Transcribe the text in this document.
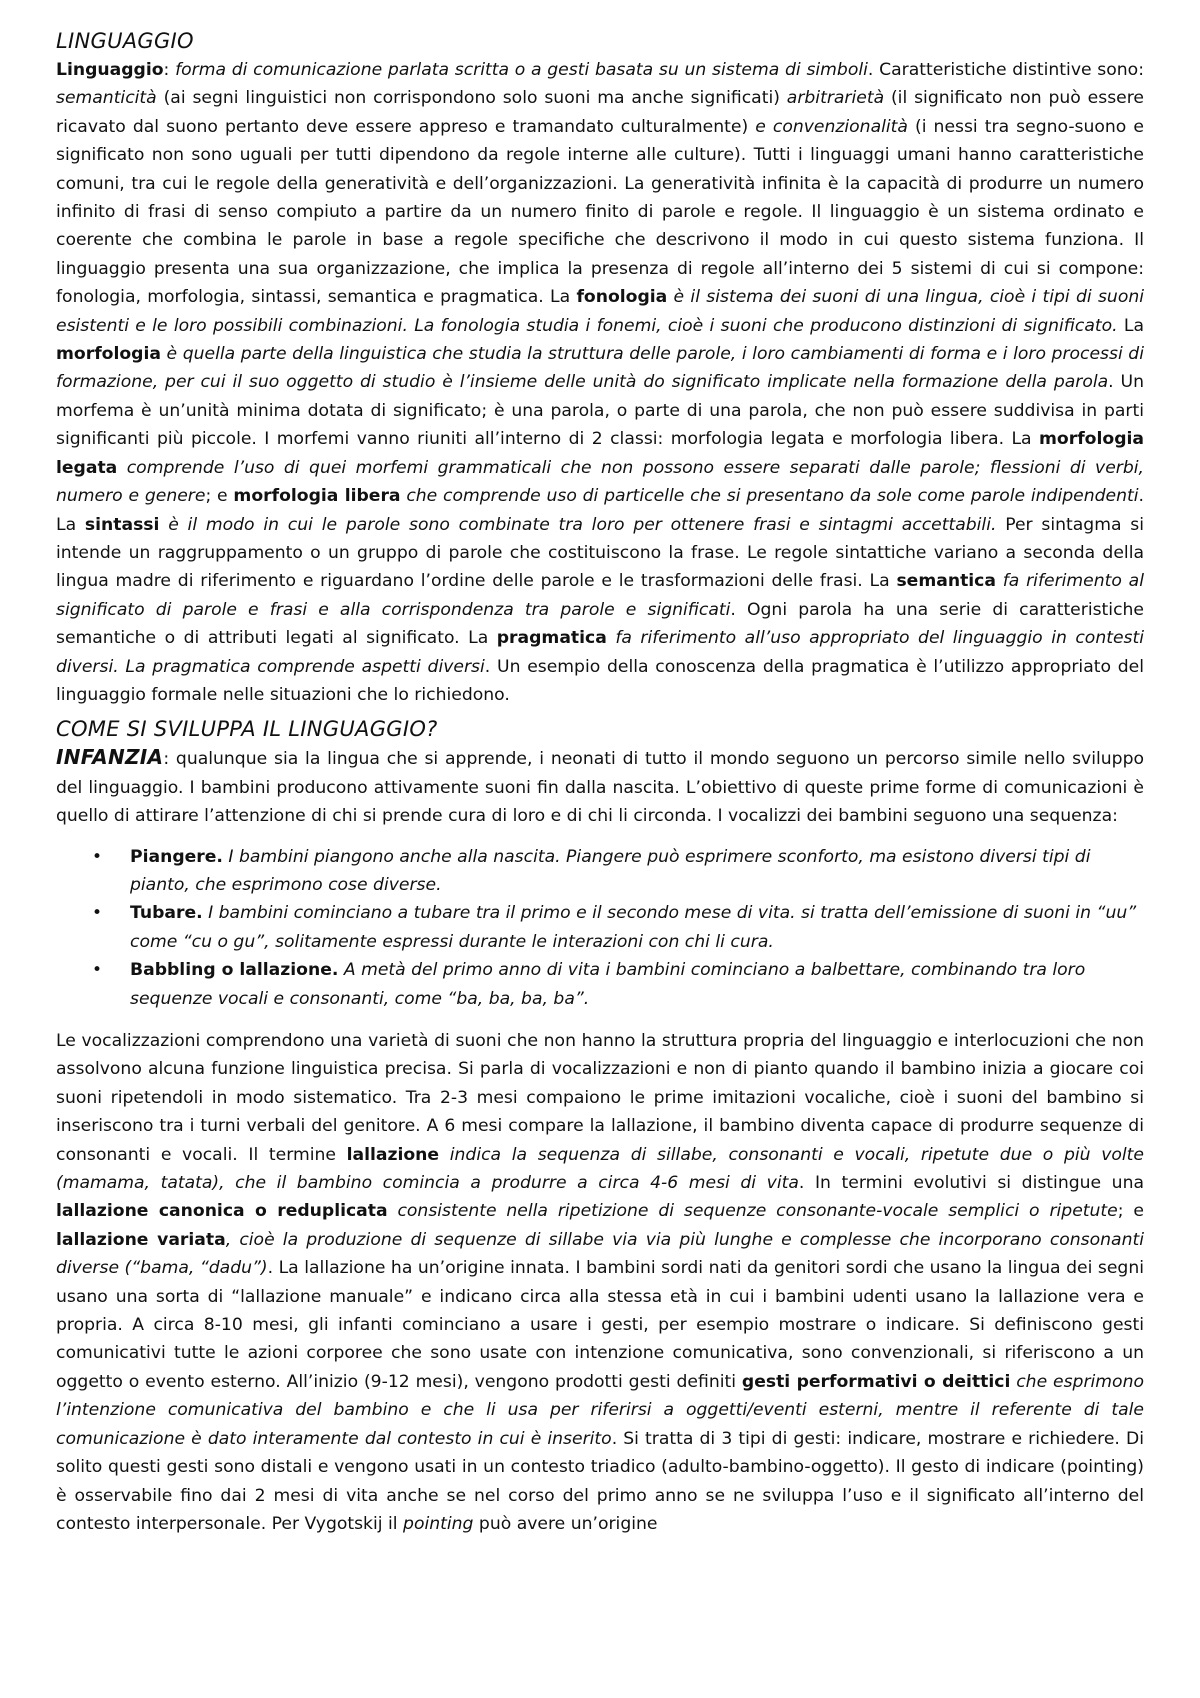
LINGUAGGIO

Linguaggio: forma di comunicazione parlata scritta o a gesti basata su un sistema di simboli. Caratteristiche distintive sono: semanticità (ai segni linguistici non corrispondono solo suoni ma anche significati) arbitrarietà (il significato non può essere ricavato dal suono pertanto deve essere appreso e tramandato culturalmente) e convenzionalità (i nessi tra segno-suono e significato non sono uguali per tutti dipendono da regole interne alle culture). Tutti i linguaggi umani hanno caratteristiche comuni, tra cui le regole della generatività e dell’organizzazioni. La generatività infinita è la capacità di produrre un numero infinito di frasi di senso compiuto a partire da un numero finito di parole e regole. Il linguaggio è un sistema ordinato e coerente che combina le parole in base a regole specifiche che descrivono il modo in cui questo sistema funziona. Il linguaggio presenta una sua organizzazione, che implica la presenza di regole all’interno dei 5 sistemi di cui si compone: fonologia, morfologia, sintassi, semantica e pragmatica. La fonologia è il sistema dei suoni di una lingua, cioè i tipi di suoni esistenti e le loro possibili combinazioni. La fonologia studia i fonemi, cioè i suoni che producono distinzioni di significato. La morfologia è quella parte della linguistica che studia la struttura delle parole, i loro cambiamenti di forma e i loro processi di formazione, per cui il suo oggetto di studio è l’insieme delle unità do significato implicate nella formazione della parola. Un morfema è un’unità minima dotata di significato; è una parola, o parte di una parola, che non può essere suddivisa in parti significanti più piccole. I morfemi vanno riuniti all’interno di 2 classi: morfologia legata e morfologia libera. La morfologia legata comprende l’uso di quei morfemi grammaticali che non possono essere separati dalle parole; flessioni di verbi, numero e genere; e morfologia libera che comprende uso di particelle che si presentano da sole come parole indipendenti. La sintassi è il modo in cui le parole sono combinate tra loro per ottenere frasi e sintagmi accettabili. Per sintagma si intende un raggruppamento o un gruppo di parole che costituiscono la frase. Le regole sintattiche variano a seconda della lingua madre di riferimento e riguardano l’ordine delle parole e le trasformazioni delle frasi. La semantica fa riferimento al significato di parole e frasi e alla corrispondenza tra parole e significati. Ogni parola ha una serie di caratteristiche semantiche o di attributi legati al significato. La pragmatica fa riferimento all’uso appropriato del linguaggio in contesti diversi. La pragmatica comprende aspetti diversi. Un esempio della conoscenza della pragmatica è l’utilizzo appropriato del linguaggio formale nelle situazioni che lo richiedono.

COME SI SVILUPPA IL LINGUAGGIO?

INFANZIA: qualunque sia la lingua che si apprende, i neonati di tutto il mondo seguono un percorso simile nello sviluppo del linguaggio. I bambini producono attivamente suoni fin dalla nascita. L’obiettivo di queste prime forme di comunicazioni è quello di attirare l’attenzione di chi si prende cura di loro e di chi li circonda. I vocalizzi dei bambini seguono una sequenza:

• Piangere. I bambini piangono anche alla nascita. Piangere può esprimere sconforto, ma esistono diversi tipi di pianto, che esprimono cose diverse.
• Tubare. I bambini cominciano a tubare tra il primo e il secondo mese di vita. si tratta dell’emissione di suoni in “uu” come “cu o gu”, solitamente espressi durante le interazioni con chi li cura.
• Babbling o lallazione. A metà del primo anno di vita i bambini cominciano a balbettare, combinando tra loro sequenze vocali e consonanti, come “ba, ba, ba, ba”.

Le vocalizzazioni comprendono una varietà di suoni che non hanno la struttura propria del linguaggio e interlocuzioni che non assolvono alcuna funzione linguistica precisa. Si parla di vocalizzazioni e non di pianto quando il bambino inizia a giocare coi suoni ripetendoli in modo sistematico. Tra 2-3 mesi compaiono le prime imitazioni vocaliche, cioè i suoni del bambino si inseriscono tra i turni verbali del genitore. A 6 mesi compare la lallazione, il bambino diventa capace di produrre sequenze di consonanti e vocali. Il termine lallazione indica la sequenza di sillabe, consonanti e vocali, ripetute due o più volte (mamama, tatata), che il bambino comincia a produrre a circa 4-6 mesi di vita. In termini evolutivi si distingue una lallazione canonica o reduplicata consistente nella ripetizione di sequenze consonante-vocale semplici o ripetute; e lallazione variata, cioè la produzione di sequenze di sillabe via via più lunghe e complesse che incorporano consonanti diverse (“bama, “dadu”). La lallazione ha un’origine innata. I bambini sordi nati da genitori sordi che usano la lingua dei segni usano una sorta di “lallazione manuale” e indicano circa alla stessa età in cui i bambini udenti usano la lallazione vera e propria. A circa 8-10 mesi, gli infanti cominciano a usare i gesti, per esempio mostrare o indicare. Si definiscono gesti comunicativi tutte le azioni corporee che sono usate con intenzione comunicativa, sono convenzionali, si riferiscono a un oggetto o evento esterno. All’inizio (9-12 mesi), vengono prodotti gesti definiti gesti performativi o deittici che esprimono l’intenzione comunicativa del bambino e che li usa per riferirsi a oggetti/eventi esterni, mentre il referente di tale comunicazione è dato interamente dal contesto in cui è inserito. Si tratta di 3 tipi di gesti: indicare, mostrare e richiedere. Di solito questi gesti sono distali e vengono usati in un contesto triadico (adulto-bambino-oggetto). Il gesto di indicare (pointing) è osservabile fino dai 2 mesi di vita anche se nel corso del primo anno se ne sviluppa l’uso e il significato all’interno del contesto interpersonale. Per Vygotskij il pointing può avere un’origine
